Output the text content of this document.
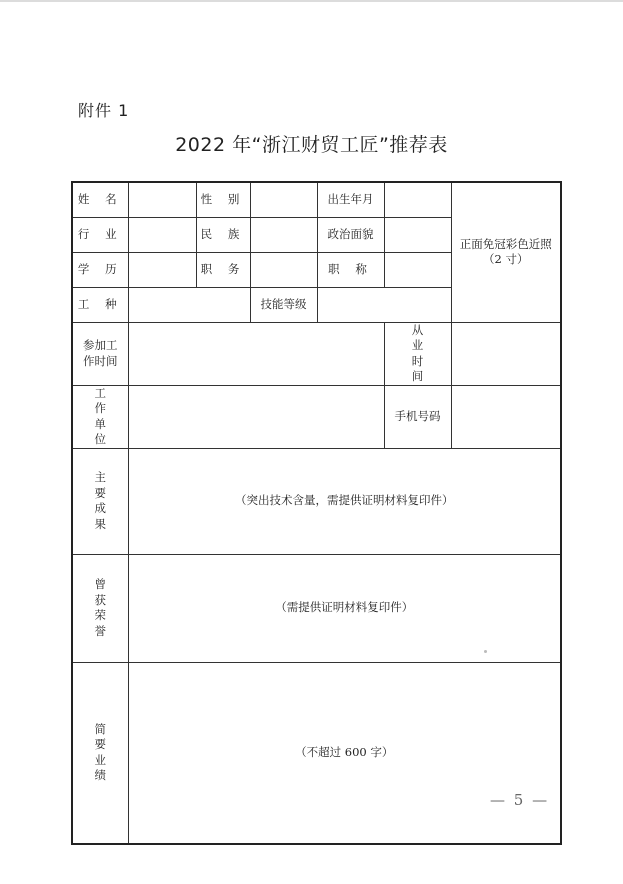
附件 1
2022 年“浙江财贸工匠”推荐表
姓 名		性 别		出生年月		正面免冠彩色近照（2 寸）
行 业		民 族		政治面貌		
学 历		职 务		职 称		
工 种			技能等级			

参加工作时间					从业时间	

工作单位					手机号码	

主要成果	（突出技术含量，需提供证明材料复印件）					

曾获荣誉	（需提供证明材料复印件）					

简要业绩	（不超过 600 字）					
— 5 —
